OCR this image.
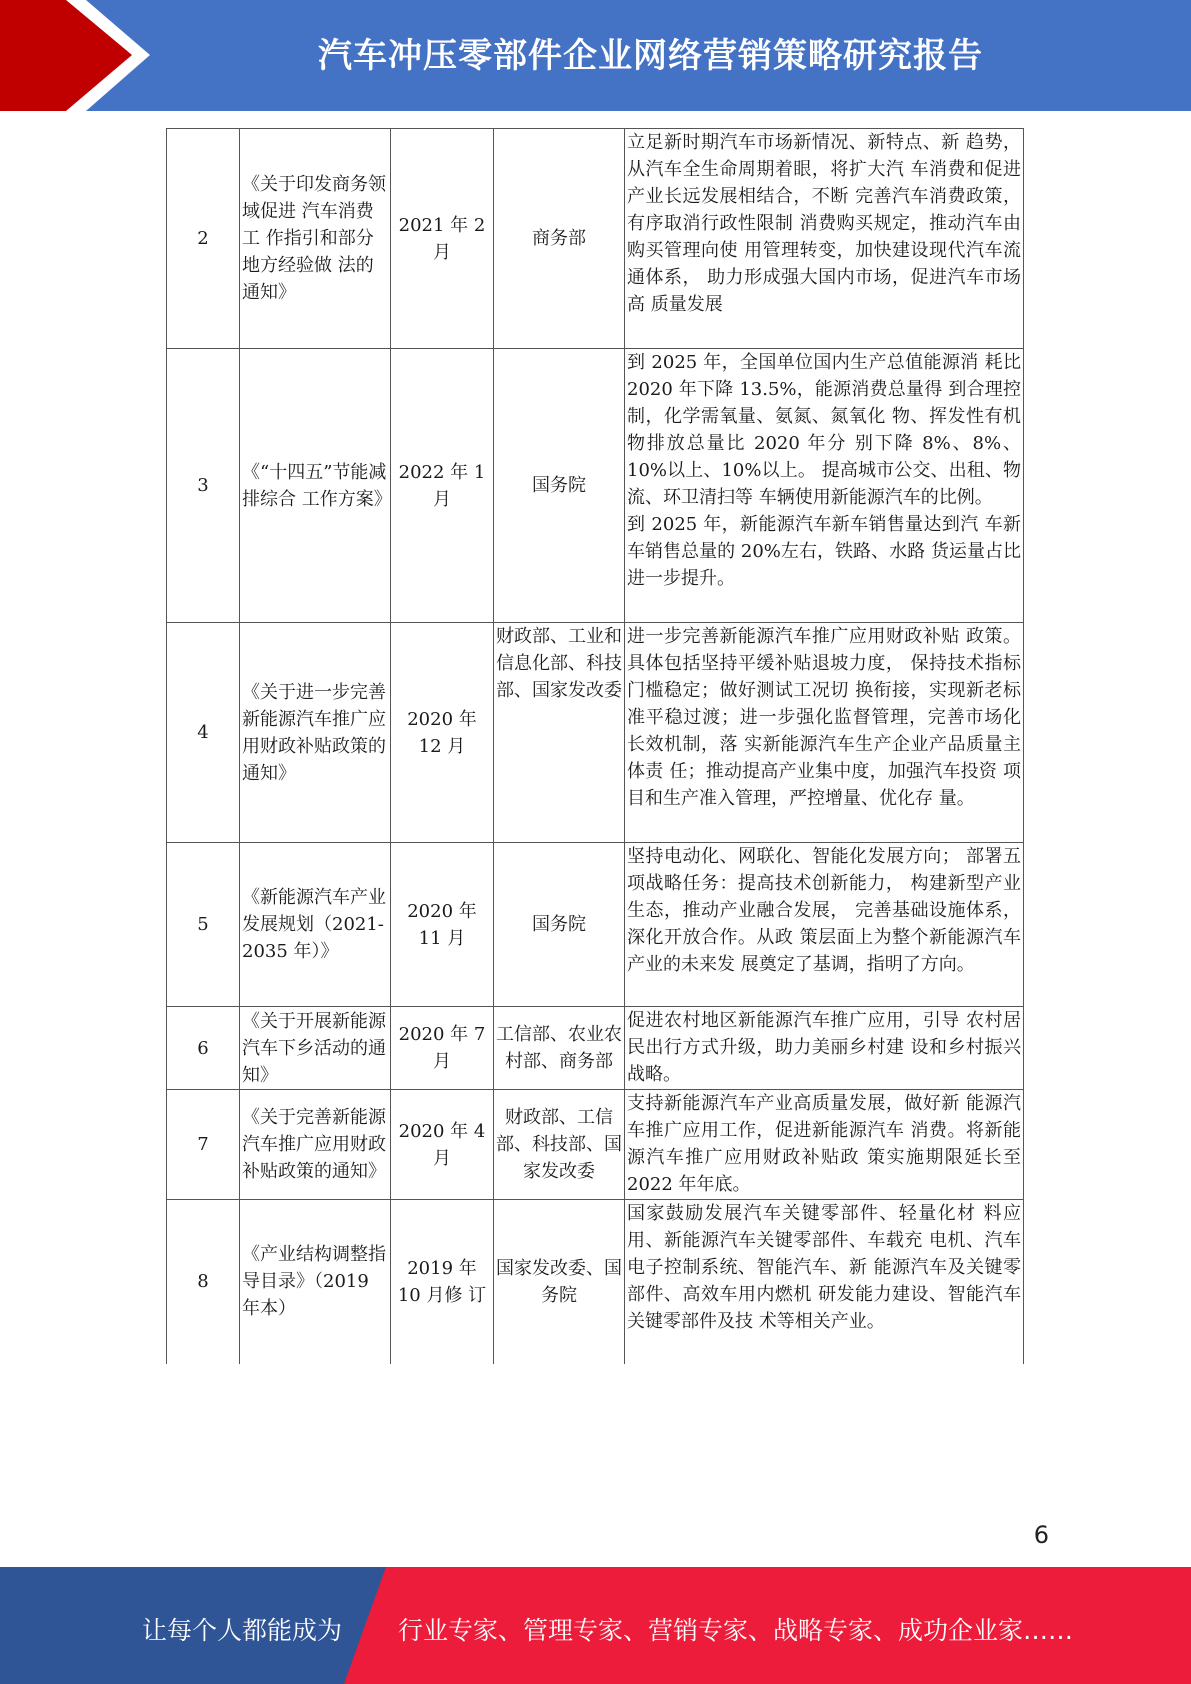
汽车冲压零部件企业网络营销策略研究报告
2	《关于印发商务领域促进 汽车消费工 作指引和部分 地方经验做 法的通知》	2021 年 2 月	商务部	立足新时期汽车市场新情况、新特点、新 趋势，从汽车全生命周期着眼，将扩大汽 车消费和促进产业长远发展相结合，不断 完善汽车消费政策，有序取消行政性限制 消费购买规定，推动汽车由购买管理向使 用管理转变，加快建设现代汽车流通体系， 助力形成强大国内市场，促进汽车市场高 质量发展
3	《“十四五”节能减排综合 工作方案》	2022 年 1 月	国务院	到 2025 年，全国单位国内生产总值能源消 耗比 2020 年下降 13.5%，能源消费总量得 到合理控制，化学需氧量、氨氮、氮氧化 物、挥发性有机物排放总量比 2020 年分 别下降 8%、8%、10%以上、10%以上。 提高城市公交、出租、物流、环卫清扫等 车辆使用新能源汽车的比例。
到 2025 年，新能源汽车新车销售量达到汽 车新车销售总量的 20%左右，铁路、水路 货运量占比进一步提升。

4	《关于进一步完善新能源汽车推广应用财政补贴政策的通知》	2020 年 12 月	财政部、工业和信息化部、科技部、国家发改委	进一步完善新能源汽车推广应用财政补贴 政策。具体包括坚持平缓补贴退坡力度， 保持技术指标门槛稳定；做好测试工况切 换衔接，实现新老标准平稳过渡；进一步强化监督管理，完善市场化长效机制，落 实新能源汽车生产企业产品质量主体责 任；推动提高产业集中度，加强汽车投资 项目和生产准入管理，严控增量、优化存 量。
5	《新能源汽车产业发展规划（2021-2035 年）》	2020 年 11 月	国务院	坚持电动化、网联化、智能化发展方向； 部署五项战略任务：提高技术创新能力， 构建新型产业生态，推动产业融合发展， 完善基础设施体系，深化开放合作。从政 策层面上为整个新能源汽车产业的未来发 展奠定了基调，指明了方向。
6	《关于开展新能源汽车下乡活动的通知》	2020 年 7 月	工信部、农业农村部、商务部	促进农村地区新能源汽车推广应用，引导 农村居民出行方式升级，助力美丽乡村建 设和乡村振兴战略。
7	《关于完善新能源汽车推广应用财政补贴政策的通知》	2020 年 4 月	财政部、工信部、科技部、国家发改委	支持新能源汽车产业高质量发展，做好新 能源汽车推广应用工作，促进新能源汽车 消费。将新能源汽车推广应用财政补贴政 策实施期限延长至 2022 年年底。
8	《产业结构调整指导目录》（2019 年本）	2019 年 10 月修 订	国家发改委、国务院	国家鼓励发展汽车关键零部件、轻量化材 料应用、新能源汽车关键零部件、车载充 电机、汽车电子控制系统、智能汽车、新 能源汽车及关键零部件、高效车用内燃机 研发能力建设、智能汽车关键零部件及技 术等相关产业。
6
让每个人都能成为 行业专家、管理专家、营销专家、战略专家、成功企业家……
